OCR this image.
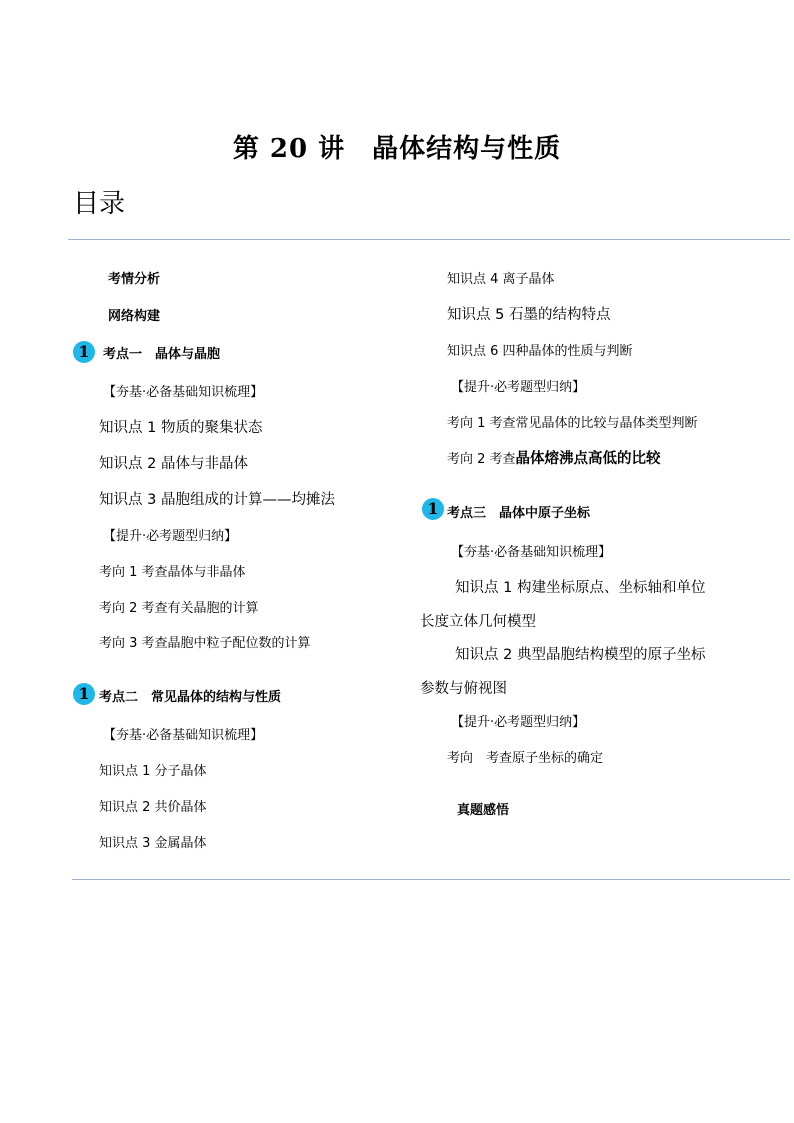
第 20 讲　晶体结构与性质
目录
考情分析
网络构建
1	考点一　晶体与晶胞
【夯基·必备基础知识梳理】
知识点 1 物质的聚集状态
知识点 2 晶体与非晶体
知识点 3 晶胞组成的计算——均摊法
【提升·必考题型归纳】
考向 1 考查晶体与非晶体
考向 2 考查有关晶胞的计算
考向 3 考查晶胞中粒子配位数的计算
1 考点二　常见晶体的结构与性质
【夯基·必备基础知识梳理】
知识点 1 分子晶体
知识点 2 共价晶体
知识点 3 金属晶体
知识点 4 离子晶体
知识点 5 石墨的结构特点
知识点 6 四种晶体的性质与判断
【提升·必考题型归纳】
考向 1 考查常见晶体的比较与晶体类型判断
考向 2 考查晶体熔沸点高低的比较
1 考点三　晶体中原子坐标
【夯基·必备基础知识梳理】
知识点 1 构建坐标原点、坐标轴和单位
长度立体几何模型
知识点 2 典型晶胞结构模型的原子坐标
参数与俯视图
【提升·必考题型归纳】
考向　考查原子坐标的确定
真题感悟
